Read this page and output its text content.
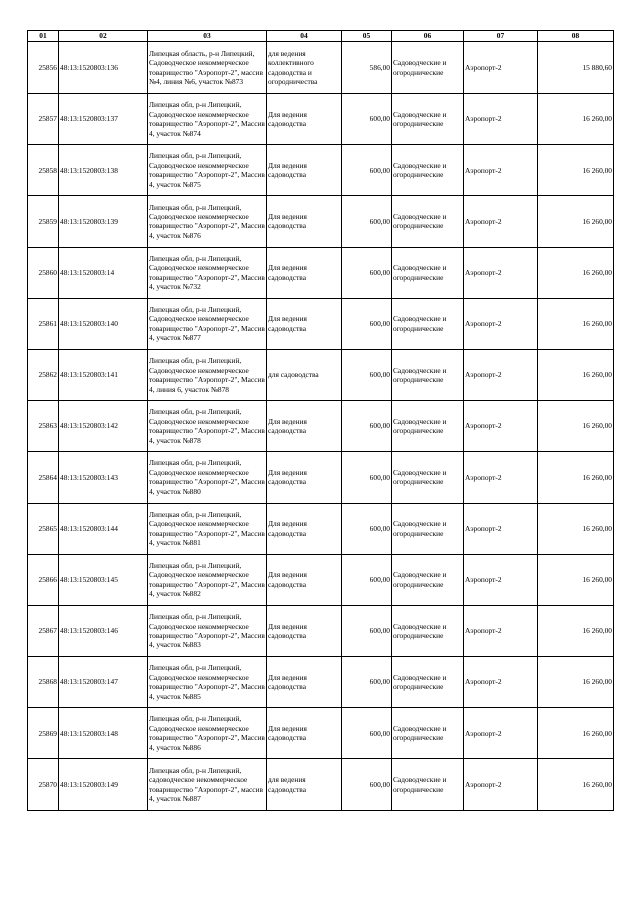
01	02	03	04	05	06	07	08
25856	48:13:1520803:136	Липецкая область, р-н Липецкий, Садоводческое некоммерческое товарищество "Аэропорт-2", массив №4, линия №6, участок №873	для ведения коллективного садоводства и огородничества	586,00	Садоводческие и огороднические	Аэропорт-2	15 880,60
25857	48:13:1520803:137	Липецкая обл, р-н Липецкий, Садоводческое некоммерческое товарищество "Аэропорт-2", Массив 4, участок №874	Для ведения садоводства	600,00	Садоводческие и огороднические	Аэропорт-2	16 260,00
25858	48:13:1520803:138	Липецкая обл, р-н Липецкий, Садоводческое некоммерческое товарищество "Аэропорт-2", Массив 4, участок №875	Для ведения садоводства	600,00	Садоводческие и огороднические	Аэропорт-2	16 260,00
25859	48:13:1520803:139	Липецкая обл, р-н Липецкий, Садоводческое некоммерческое товарищество "Аэропорт-2", Массив 4, участок №876	Для ведения садоводства	600,00	Садоводческие и огороднические	Аэропорт-2	16 260,00
25860	48:13:1520803:14	Липецкая обл, р-н Липецкий, Садоводческое некоммерческое товарищество "Аэропорт-2", Массив 4, участок №732	Для ведения садоводства	600,00	Садоводческие и огороднические	Аэропорт-2	16 260,00
25861	48:13:1520803:140	Липецкая обл, р-н Липецкий, Садоводческое некоммерческое товарищество "Аэропорт-2", Массив 4, участок №877	Для ведения садоводства	600,00	Садоводческие и огороднические	Аэропорт-2	16 260,00
25862	48:13:1520803:141	Липецкая обл, р-н Липецкий, Садоводческое некоммерческое товарищество "Аэропорт-2", Массив 4, линия 6, участок №878	для садоводства	600,00	Садоводческие и огороднические	Аэропорт-2	16 260,00
25863	48:13:1520803:142	Липецкая обл, р-н Липецкий, Садоводческое некоммерческое товарищество "Аэропорт-2", Массив 4, участок №878	Для ведения садоводства	600,00	Садоводческие и огороднические	Аэропорт-2	16 260,00
25864	48:13:1520803:143	Липецкая обл, р-н Липецкий, Садоводческое некоммерческое товарищество "Аэропорт-2", Массив 4, участок №880	Для ведения садоводства	600,00	Садоводческие и огороднические	Аэропорт-2	16 260,00
25865	48:13:1520803:144	Липецкая обл, р-н Липецкий, Садоводческое некоммерческое товарищество "Аэропорт-2", Массив 4, участок №881	Для ведения садоводства	600,00	Садоводческие и огороднические	Аэропорт-2	16 260,00
25866	48:13:1520803:145	Липецкая обл, р-н Липецкий, Садоводческое некоммерческое товарищество "Аэропорт-2", Массив 4, участок №882	Для ведения садоводства	600,00	Садоводческие и огороднические	Аэропорт-2	16 260,00
25867	48:13:1520803:146	Липецкая обл, р-н Липецкий, Садоводческое некоммерческое товарищество "Аэропорт-2", Массив 4, участок №883	Для ведения садоводства	600,00	Садоводческие и огороднические	Аэропорт-2	16 260,00
25868	48:13:1520803:147	Липецкая обл, р-н Липецкий, Садоводческое некоммерческое товарищество "Аэропорт-2", Массив 4, участок №885	Для ведения садоводства	600,00	Садоводческие и огороднические	Аэропорт-2	16 260,00
25869	48:13:1520803:148	Липецкая обл, р-н Липецкий, Садоводческое некоммерческое товарищество "Аэропорт-2", Массив 4, участок №886	Для ведения садоводства	600,00	Садоводческие и огороднические	Аэропорт-2	16 260,00
25870	48:13:1520803:149	Липецкая обл, р-н Липецкий, садоводческое некоммерческое товарищество "Аэропорт-2", массив 4, участок №887	для ведения садоводства	600,00	Садоводческие и огороднические	Аэропорт-2	16 260,00
